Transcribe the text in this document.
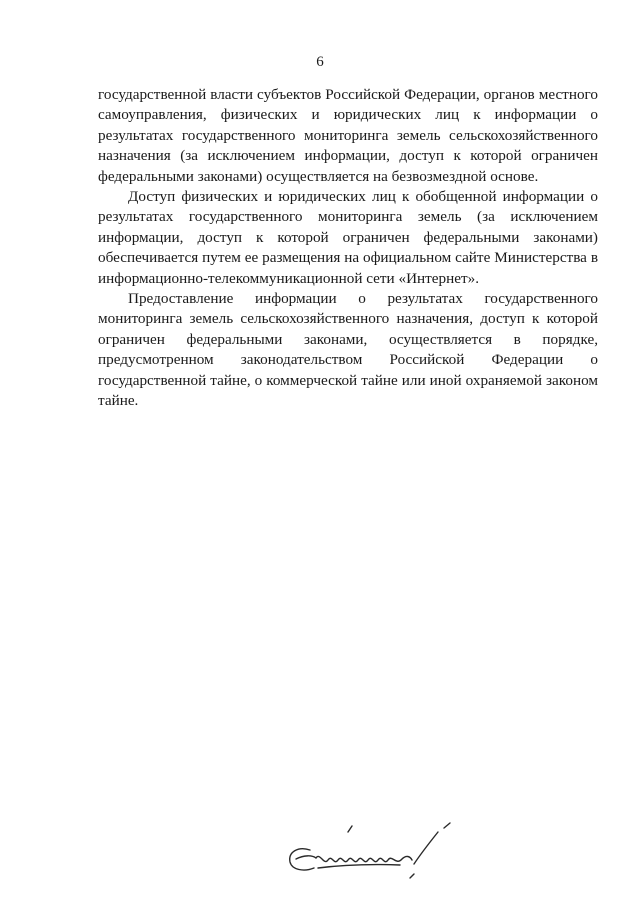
6

государственной власти субъектов Российской Федерации, органов местного самоуправления, физических и юридических лиц к информации о результатах государственного мониторинга земель сельскохозяйственного назначения (за исключением информации, доступ к которой ограничен федеральными законами) осуществляется на безвозмездной основе.

Доступ физических и юридических лиц к обобщенной информации о результатах государственного мониторинга земель (за исключением информации, доступ к которой ограничен федеральными законами) обеспечивается путем ее размещения на официальном сайте Министерства в информационно-телекоммуникационной сети «Интернет».

Предоставление информации о результатах государственного мониторинга земель сельскохозяйственного назначения, доступ к которой ограничен федеральными законами, осуществляется в порядке, предусмотренном законодательством Российской Федерации о государственной тайне, о коммерческой тайне или иной охраняемой законом тайне.
